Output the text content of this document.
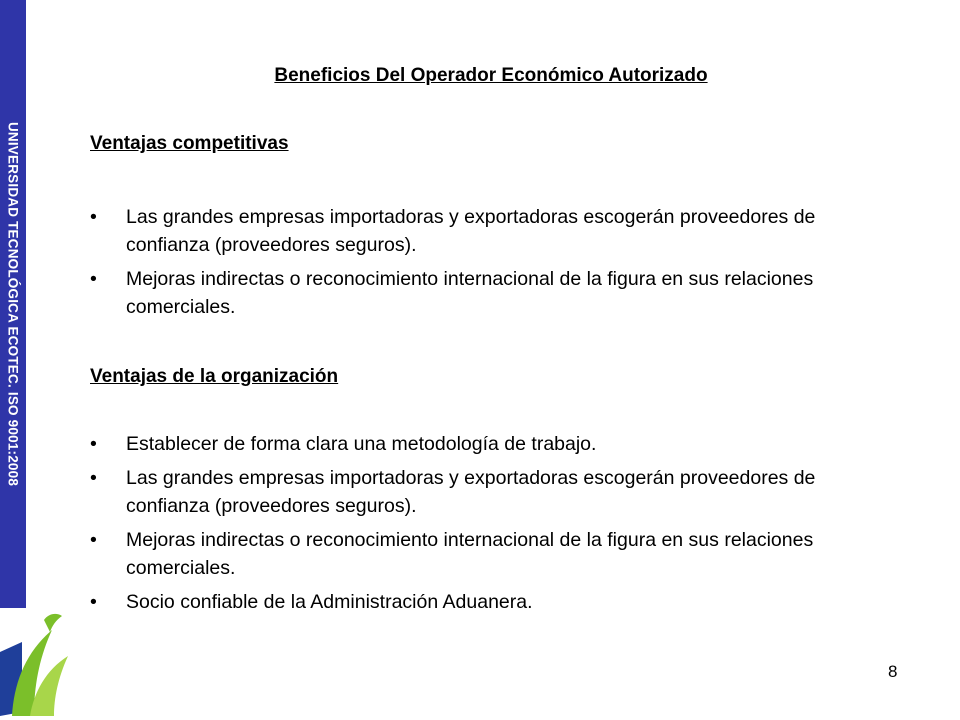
UNIVERSIDAD TECNOLÓGICA ECOTEC. ISO 9001:2008
Beneficios Del Operador Económico Autorizado
Ventajas competitivas
• Las grandes empresas importadoras y exportadoras escogerán proveedores de confianza (proveedores seguros).
• Mejoras indirectas o reconocimiento internacional de la figura en sus relaciones comerciales.
Ventajas de la organización
• Establecer de forma clara una metodología de trabajo.
• Las grandes empresas importadoras y exportadoras escogerán proveedores de confianza (proveedores seguros).
• Mejoras indirectas o reconocimiento internacional de la figura en sus relaciones comerciales.
• Socio confiable de la Administración Aduanera.
8
